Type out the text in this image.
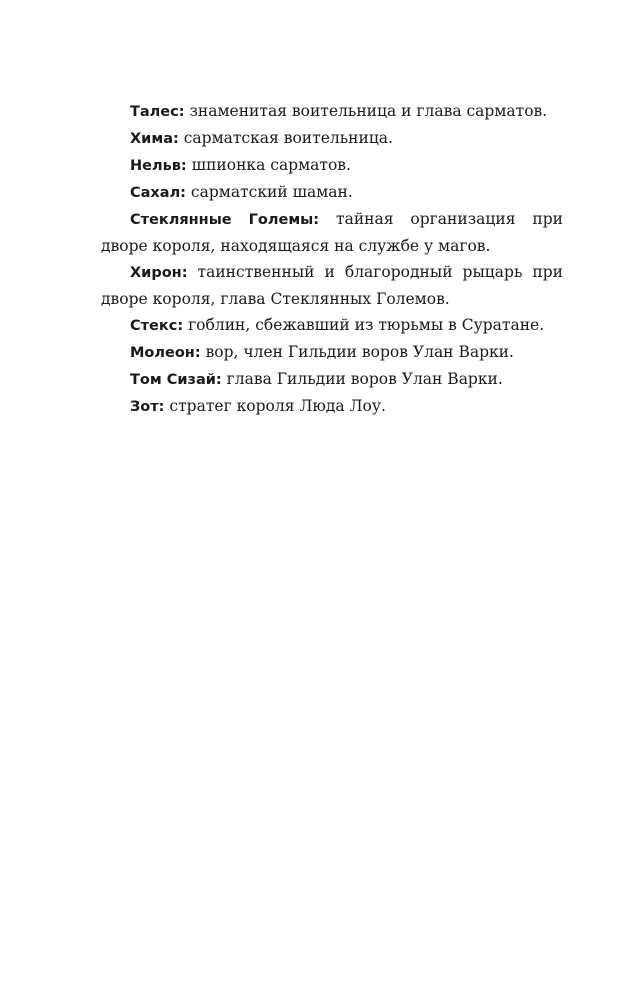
Талес: знаменитая воительница и глава сарматов.

Хима: сарматская воительница.

Нельв: шпионка сарматов.

Сахал: сарматский шаман.

Стеклянные Големы: тайная организация при дворе короля, находящаяся на службе у магов.

Хирон: таинственный и благородный рыцарь при дворе короля, глава Стеклянных Големов.

Стекс: гоблин, сбежавший из тюрьмы в Суратане.

Молеон: вор, член Гильдии воров Улан Варки.

Том Сизай: глава Гильдии воров Улан Варки.

Зот: стратег короля Люда Лоу.
